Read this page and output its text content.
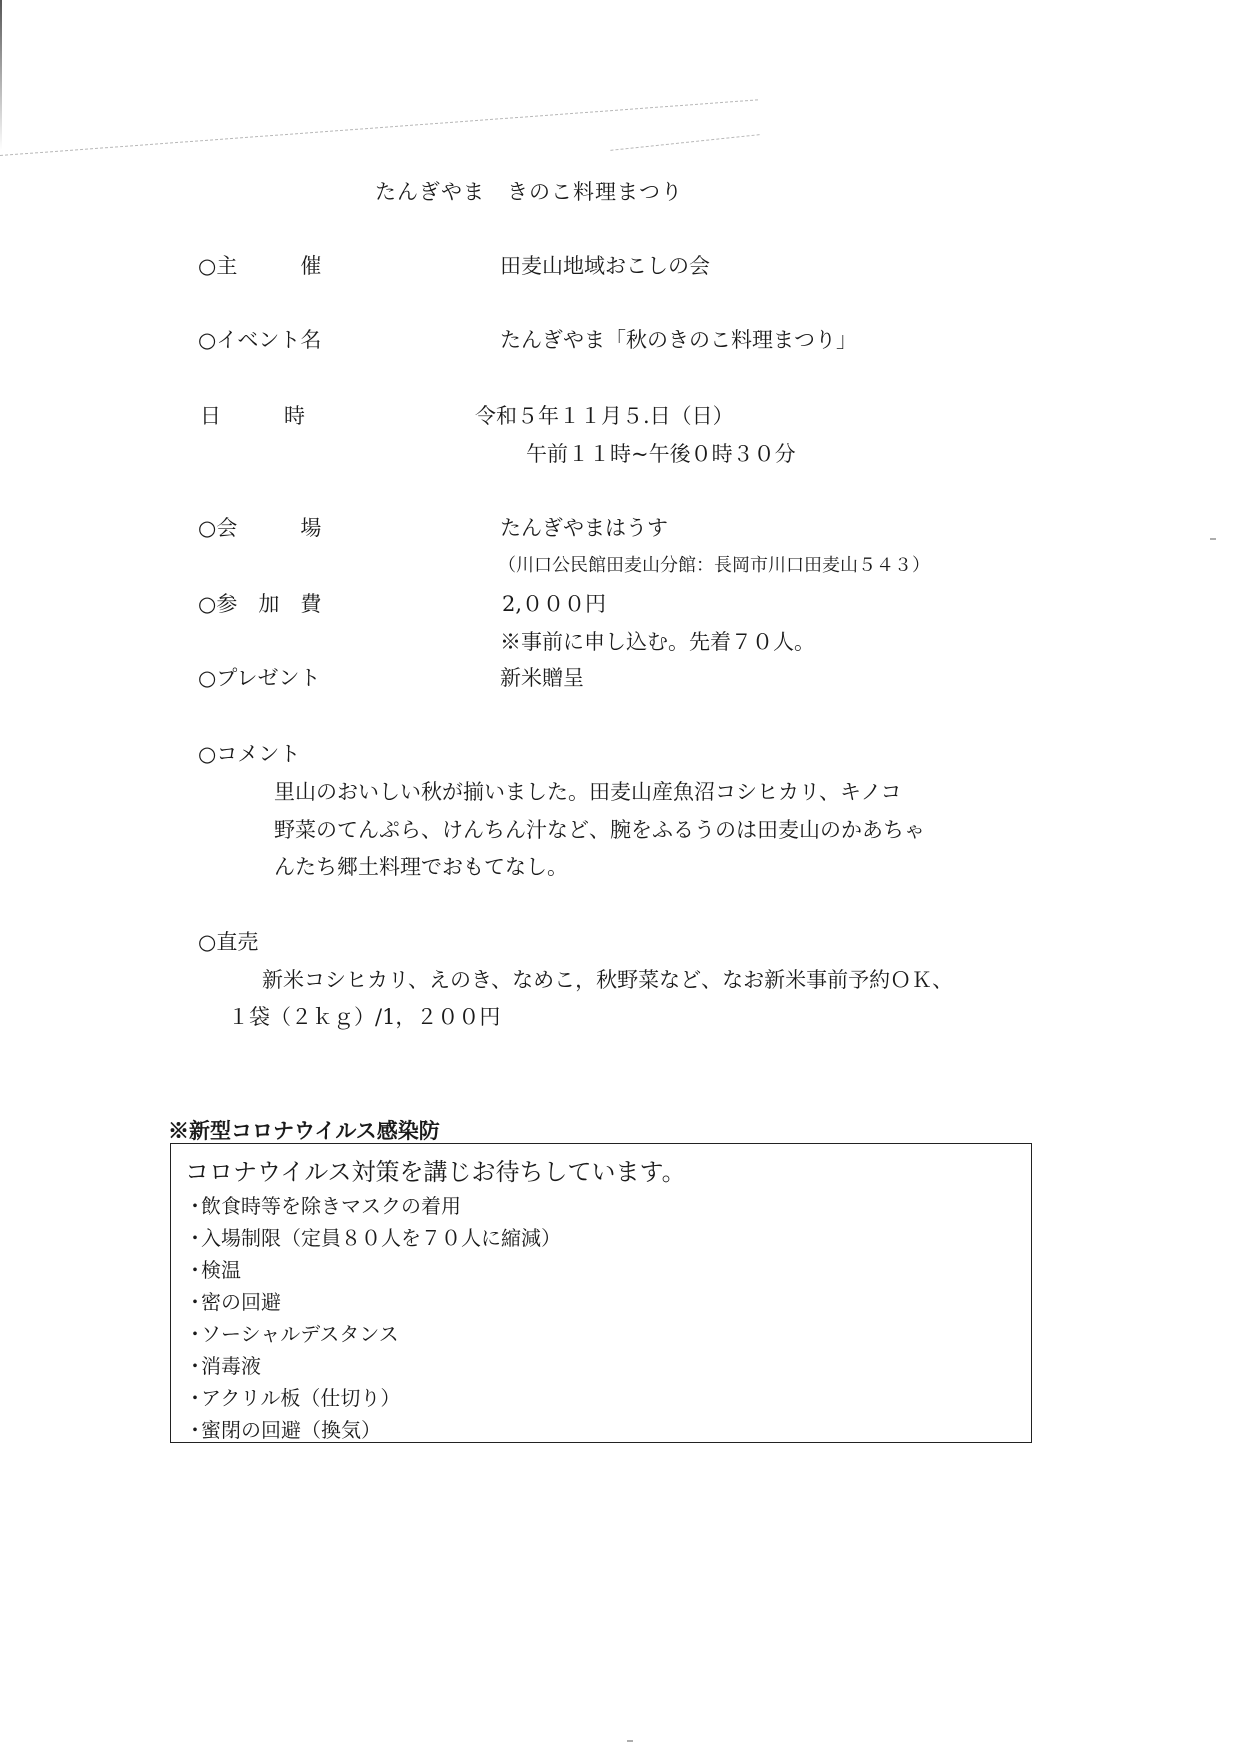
たんぎやま　きのこ料理まつり
○主　　　催	田麦山地域おこしの会
○イベント名	たんぎやま「秋のきのこ料理まつり」
日　　　時	令和５年１１月５.日（日）
午前１１時~午後０時３０分
○会　　　場	たんぎやまはうす
（川口公民館田麦山分館：長岡市川口田麦山５４３）
○参　加　費	2,０００円
※事前に申し込む。先着７０人。
○プレゼント	新米贈呈
○コメント
里山のおいしい秋が揃いました。田麦山産魚沼コシヒカリ、キノコ
野菜のてんぷら、けんちん汁など、腕をふるうのは田麦山のかあちゃ
んたち郷土料理でおもてなし。
○直売
新米コシヒカリ、えのき、なめこ，秋野菜など、なお新米事前予約ＯＫ、
１袋（２ｋｇ）/1，２００円
※新型コロナウイルス感染防
コロナウイルス対策を講じお待ちしています。
・飲食時等を除きマスクの着用
・入場制限（定員８０人を７０人に縮減）
・検温
・密の回避
・ソーシャルデスタンス
・消毒液
・アクリル板（仕切り）
・蜜閉の回避（換気）
